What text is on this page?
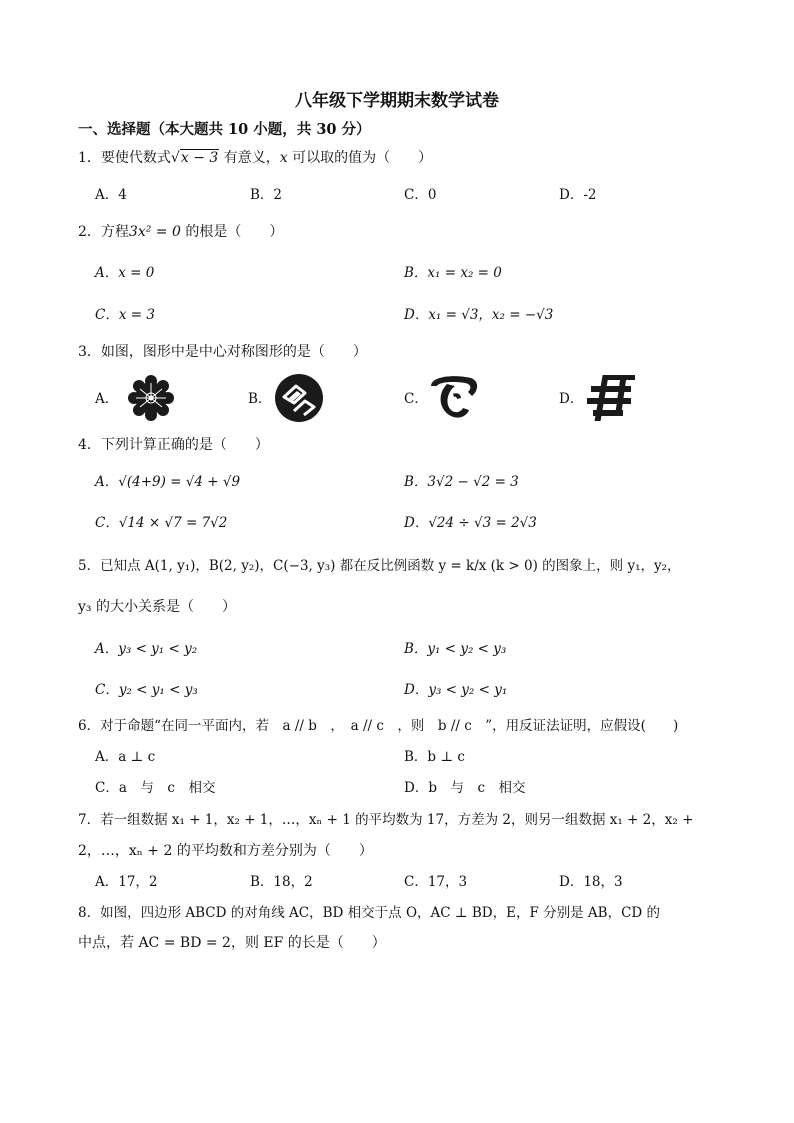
八年级下学期期末数学试卷
一、选择题（本大题共 10 小题，共 30 分）
1．要使代数式√x − 3 有意义，x 可以取的值为（　　）
A．4	B．2	C．0	D．-2
2．方程3x² = 0 的根是（　　）
A．x = 0	B．x₁ = x₂ = 0
C．x = 3	D．x₁ = √3，x₂ = −√3
3．如图，图形中是中心对称图形的是（　　）
A．	B．	C．	D．
4．下列计算正确的是（　　）
A．√(4+9) = √4 + √9	B．3√2 − √2 = 3
C．√14 × √7 = 7√2	D．√24 ÷ √3 = 2√3
5．已知点 A(1, y₁)，B(2, y₂)，C(−3, y₃) 都在反比例函数 y = k/x (k > 0) 的图象上，则 y₁，y₂，
y₃ 的大小关系是（　　）
A．y₃ < y₁ < y₂	B．y₁ < y₂ < y₃
C．y₂ < y₁ < y₃	D．y₃ < y₂ < y₁
6．对于命题“在同一平面内，若　a // b　，　a // c　，则　b // c　”，用反证法证明，应假设(　　)
A．a ⊥ c	B．b ⊥ c
C．a　与　c　相交	D．b　与　c　相交
7．若一组数据 x₁ + 1，x₂ + 1，…，xₙ + 1 的平均数为 17，方差为 2，则另一组数据 x₁ + 2，x₂ +
2，…，xₙ + 2 的平均数和方差分别为（　　）
A．17，2	B．18，2	C．17，3	D．18，3
8．如图，四边形 ABCD 的对角线 AC，BD 相交于点 O，AC ⊥ BD，E，F 分别是 AB，CD 的
中点，若 AC = BD = 2，则 EF 的长是（　　）
